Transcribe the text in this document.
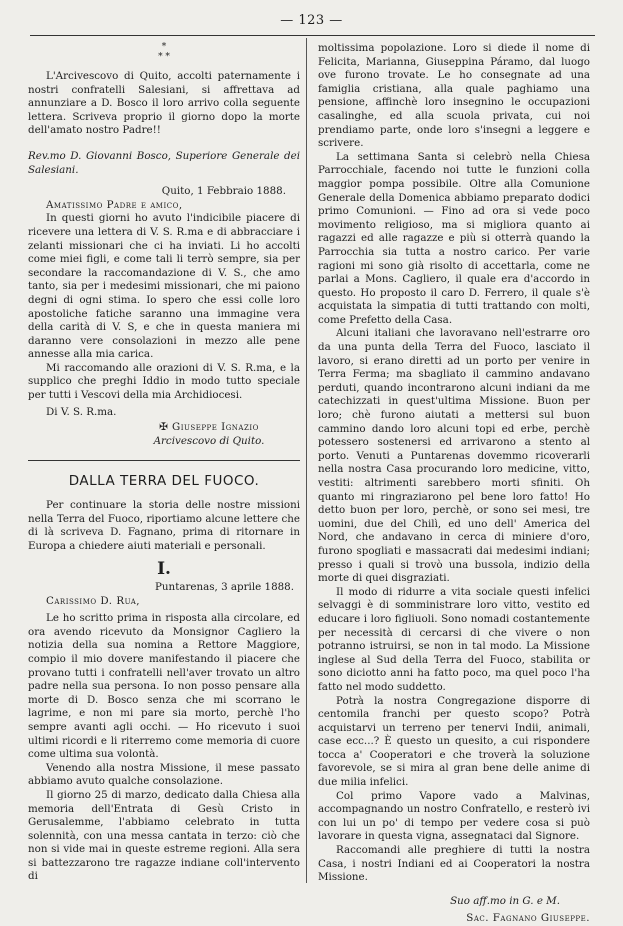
— 123 —
*
* *

L'Arcivescovo di Quito, accolti paternamente i nostri confratelli Salesiani, si affrettava ad annunziare a D. Bosco il loro arrivo colla seguente lettera. Scriveva proprio il giorno dopo la morte dell'amato nostro Padre!!

Rev.mo D. Giovanni Bosco, Superiore Generale dei Salesiani.

Quito, 1 Febbraio 1888.

Amatissimo Padre e amico,

In questi giorni ho avuto l'indicibile piacere di ricevere una lettera di V. S. R.ma e di abbracciare i zelanti missionari che ci ha inviati. Li ho accolti come miei figli, e come tali li terrò sempre, sia per secondare la raccomandazione di V. S., che amo tanto, sia per i medesimi missionari, che mi paiono degni di ogni stima. Io spero che essi colle loro apostoliche fatiche saranno una immagine vera della carità di V. S, e che in questa maniera mi daranno vere consolazioni in mezzo alle pene annesse alla mia carica.

Mi raccomando alle orazioni di V. S. R.ma, e la supplico che preghi Iddio in modo tutto speciale per tutti i Vescovi della mia Archidiocesi.

Di V. S. R.ma.

✠ Giuseppe Ignazio

Arcivescovo di Quito.

DALLA TERRA DEL FUOCO.

Per continuare la storia delle nostre missioni nella Terra del Fuoco, riportiamo alcune lettere che di là scriveva D. Fagnano, prima di ritornare in Europa a chiedere aiuti materiali e personali.

I.

Puntarenas, 3 aprile 1888.

Carissimo D. Rua,

Le ho scritto prima in risposta alla circolare, ed ora avendo ricevuto da Monsignor Cagliero la notizia della sua nomina a Rettore Maggiore, compio il mio dovere manifestando il piacere che provano tutti i confratelli nell'aver trovato un altro padre nella sua persona. Io non posso pensare alla morte di D. Bosco senza che mi scorrano le lagrime, e non mi pare sia morto, perchè l'ho sempre avanti agli occhi. — Ho ricevuto i suoi ultimi ricordi e li riterremo come memoria di cuore come ultima sua volontà.

Venendo alla nostra Missione, il mese passato abbiamo avuto qualche consolazione.

Il giorno 25 di marzo, dedicato dalla Chiesa alla memoria dell'Entrata di Gesù Cristo in Gerusalemme, l'abbiamo celebrato in tutta solennità, con una messa cantata in terzo: ciò che non si vide mai in queste estreme regioni. Alla sera si battezzarono tre ragazze indiane coll'intervento di

moltissima popolazione. Loro si diede il nome di Felicita, Marianna, Giuseppina Páramo, dal luogo ove furono trovate. Le ho consegnate ad una famiglia cristiana, alla quale paghiamo una pensione, affinchè loro insegnino le occupazioni casalinghe, ed alla scuola privata, cui noi prendiamo parte, onde loro s'insegni a leggere e scrivere.

La settimana Santa si celebrò nella Chiesa Parrocchiale, facendo noi tutte le funzioni colla maggior pompa possibile. Oltre alla Comunione Generale della Domenica abbiamo preparato dodici primo Comunioni. — Fino ad ora si vede poco movimento religioso, ma si migliora quanto ai ragazzi ed alle ragazze e più si otterrà quando la Parrocchia sia tutta a nostro carico. Per varie ragioni mi sono già risolto di accettarla, come ne parlai a Mons. Cagliero, il quale era d'accordo in questo. Ho proposto il caro D. Ferrero, il quale s'è acquistata la simpatia di tutti trattando con molti, come Prefetto della Casa.

Alcuni italiani che lavoravano nell'estrarre oro da una punta della Terra del Fuoco, lasciato il lavoro, si erano diretti ad un porto per venire in Terra Ferma; ma sbagliato il cammino andavano perduti, quando incontrarono alcuni indiani da me catechizzati in quest'ultima Missione. Buon per loro; chè furono aiutati a mettersi sul buon cammino dando loro alcuni topi ed erbe, perchè potessero sostenersi ed arrivarono a stento al porto. Venuti a Puntarenas dovemmo ricoverarli nella nostra Casa procurando loro medicine, vitto, vestiti: altrimenti sarebbero morti sfiniti. Oh quanto mi ringraziarono pel bene loro fatto! Ho detto buon per loro, perchè, or sono sei mesi, tre uomini, due del Chilì, ed uno dell' America del Nord, che andavano in cerca di miniere d'oro, furono spogliati e massacrati dai medesimi indiani; presso i quali si trovò una bussola, indizio della morte di quei disgraziati.

Il modo di ridurre a vita sociale questi infelici selvaggi è di somministrare loro vitto, vestito ed educare i loro figliuoli. Sono nomadi costantemente per necessità di cercarsi di che vivere o non potranno istruirsi, se non in tal modo. La Missione inglese al Sud della Terra del Fuoco, stabilita or sono diciotto anni ha fatto poco, ma quel poco l'ha fatto nel modo suddetto.

Potrà la nostra Congregazione disporre di centomila franchi per questo scopo? Potrà acquistarvi un terreno per tenervi Indii, animali, case ecc...? È questo un quesito, a cui rispondere tocca a' Cooperatori e che troverà la soluzione favorevole, se si mira al gran bene delle anime di due milia infelici.

Col primo Vapore vado a Malvinas, accompagnando un nostro Confratello, e resterò ivi con lui un po' di tempo per vedere cosa si può lavorare in questa vigna, assegnataci dal Signore.

Raccomandi alle preghiere di tutti la nostra Casa, i nostri Indiani ed ai Cooperatori la nostra Missione.

Suo aff.mo in G. e M.

Sac. Fagnano Giuseppe.
